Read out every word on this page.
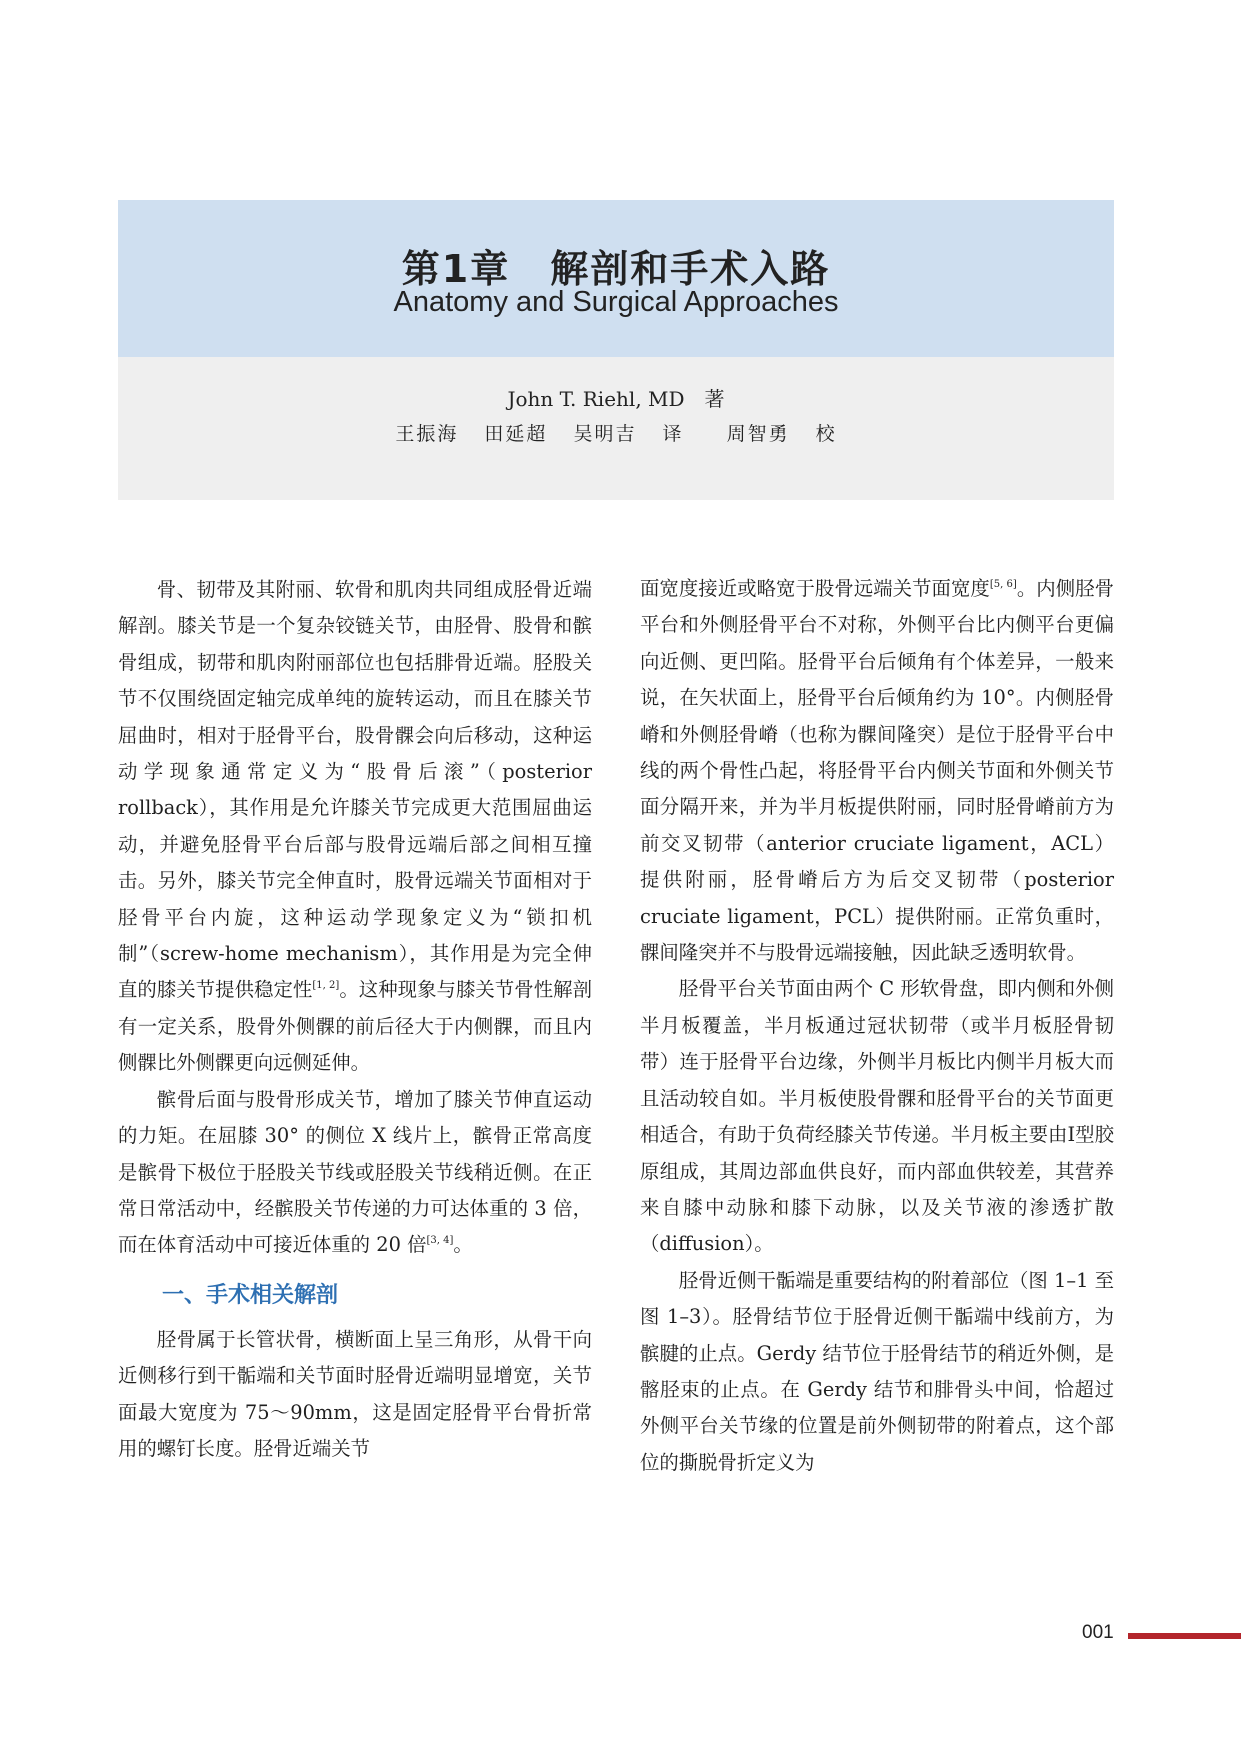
第1章　解剖和手术入路
Anatomy and Surgical Approaches
John T. Riehl, MD　著
王振海 田延超 吴明吉 译 周智勇 校

骨、韧带及其附丽、软骨和肌肉共同组成胫骨近端解剖。膝关节是一个复杂铰链关节，由胫骨、股骨和髌骨组成，韧带和肌肉附丽部位也包括腓骨近端。胫股关节不仅围绕固定轴完成单纯的旋转运动，而且在膝关节屈曲时，相对于胫骨平台，股骨髁会向后移动，这种运动学现象通常定义为“股骨后滚”（posterior rollback），其作用是允许膝关节完成更大范围屈曲运动，并避免胫骨平台后部与股骨远端后部之间相互撞击。另外，膝关节完全伸直时，股骨远端关节面相对于胫骨平台内旋，这种运动学现象定义为“锁扣机制”（screw-home mechanism），其作用是为完全伸直的膝关节提供稳定性[1, 2]。这种现象与膝关节骨性解剖有一定关系，股骨外侧髁的前后径大于内侧髁，而且内侧髁比外侧髁更向远侧延伸。

髌骨后面与股骨形成关节，增加了膝关节伸直运动的力矩。在屈膝 30° 的侧位 X 线片上，髌骨正常高度是髌骨下极位于胫股关节线或胫股关节线稍近侧。在正常日常活动中，经髌股关节传递的力可达体重的 3 倍，而在体育活动中可接近体重的 20 倍[3, 4]。

一、手术相关解剖

胫骨属于长管状骨，横断面上呈三角形，从骨干向近侧移行到干骺端和关节面时胫骨近端明显增宽，关节面最大宽度为 75～90mm，这是固定胫骨平台骨折常用的螺钉长度。胫骨近端关节

面宽度接近或略宽于股骨远端关节面宽度[5, 6]。内侧胫骨平台和外侧胫骨平台不对称，外侧平台比内侧平台更偏向近侧、更凹陷。胫骨平台后倾角有个体差异，一般来说，在矢状面上，胫骨平台后倾角约为 10°。内侧胫骨嵴和外侧胫骨嵴（也称为髁间隆突）是位于胫骨平台中线的两个骨性凸起，将胫骨平台内侧关节面和外侧关节面分隔开来，并为半月板提供附丽，同时胫骨嵴前方为前交叉韧带（anterior cruciate ligament，ACL）提供附丽，胫骨嵴后方为后交叉韧带（posterior cruciate ligament，PCL）提供附丽。正常负重时，髁间隆突并不与股骨远端接触，因此缺乏透明软骨。

胫骨平台关节面由两个 C 形软骨盘，即内侧和外侧半月板覆盖，半月板通过冠状韧带（或半月板胫骨韧带）连于胫骨平台边缘，外侧半月板比内侧半月板大而且活动较自如。半月板使股骨髁和胫骨平台的关节面更相适合，有助于负荷经膝关节传递。半月板主要由Ⅰ型胶原组成，其周边部血供良好，而内部血供较差，其营养来自膝中动脉和膝下动脉，以及关节液的渗透扩散（diffusion）。

胫骨近侧干骺端是重要结构的附着部位（图 1–1 至图 1–3）。胫骨结节位于胫骨近侧干骺端中线前方，为髌腱的止点。Gerdy 结节位于胫骨结节的稍近外侧，是髂胫束的止点。在 Gerdy 结节和腓骨头中间，恰超过外侧平台关节缘的位置是前外侧韧带的附着点，这个部位的撕脱骨折定义为

001
